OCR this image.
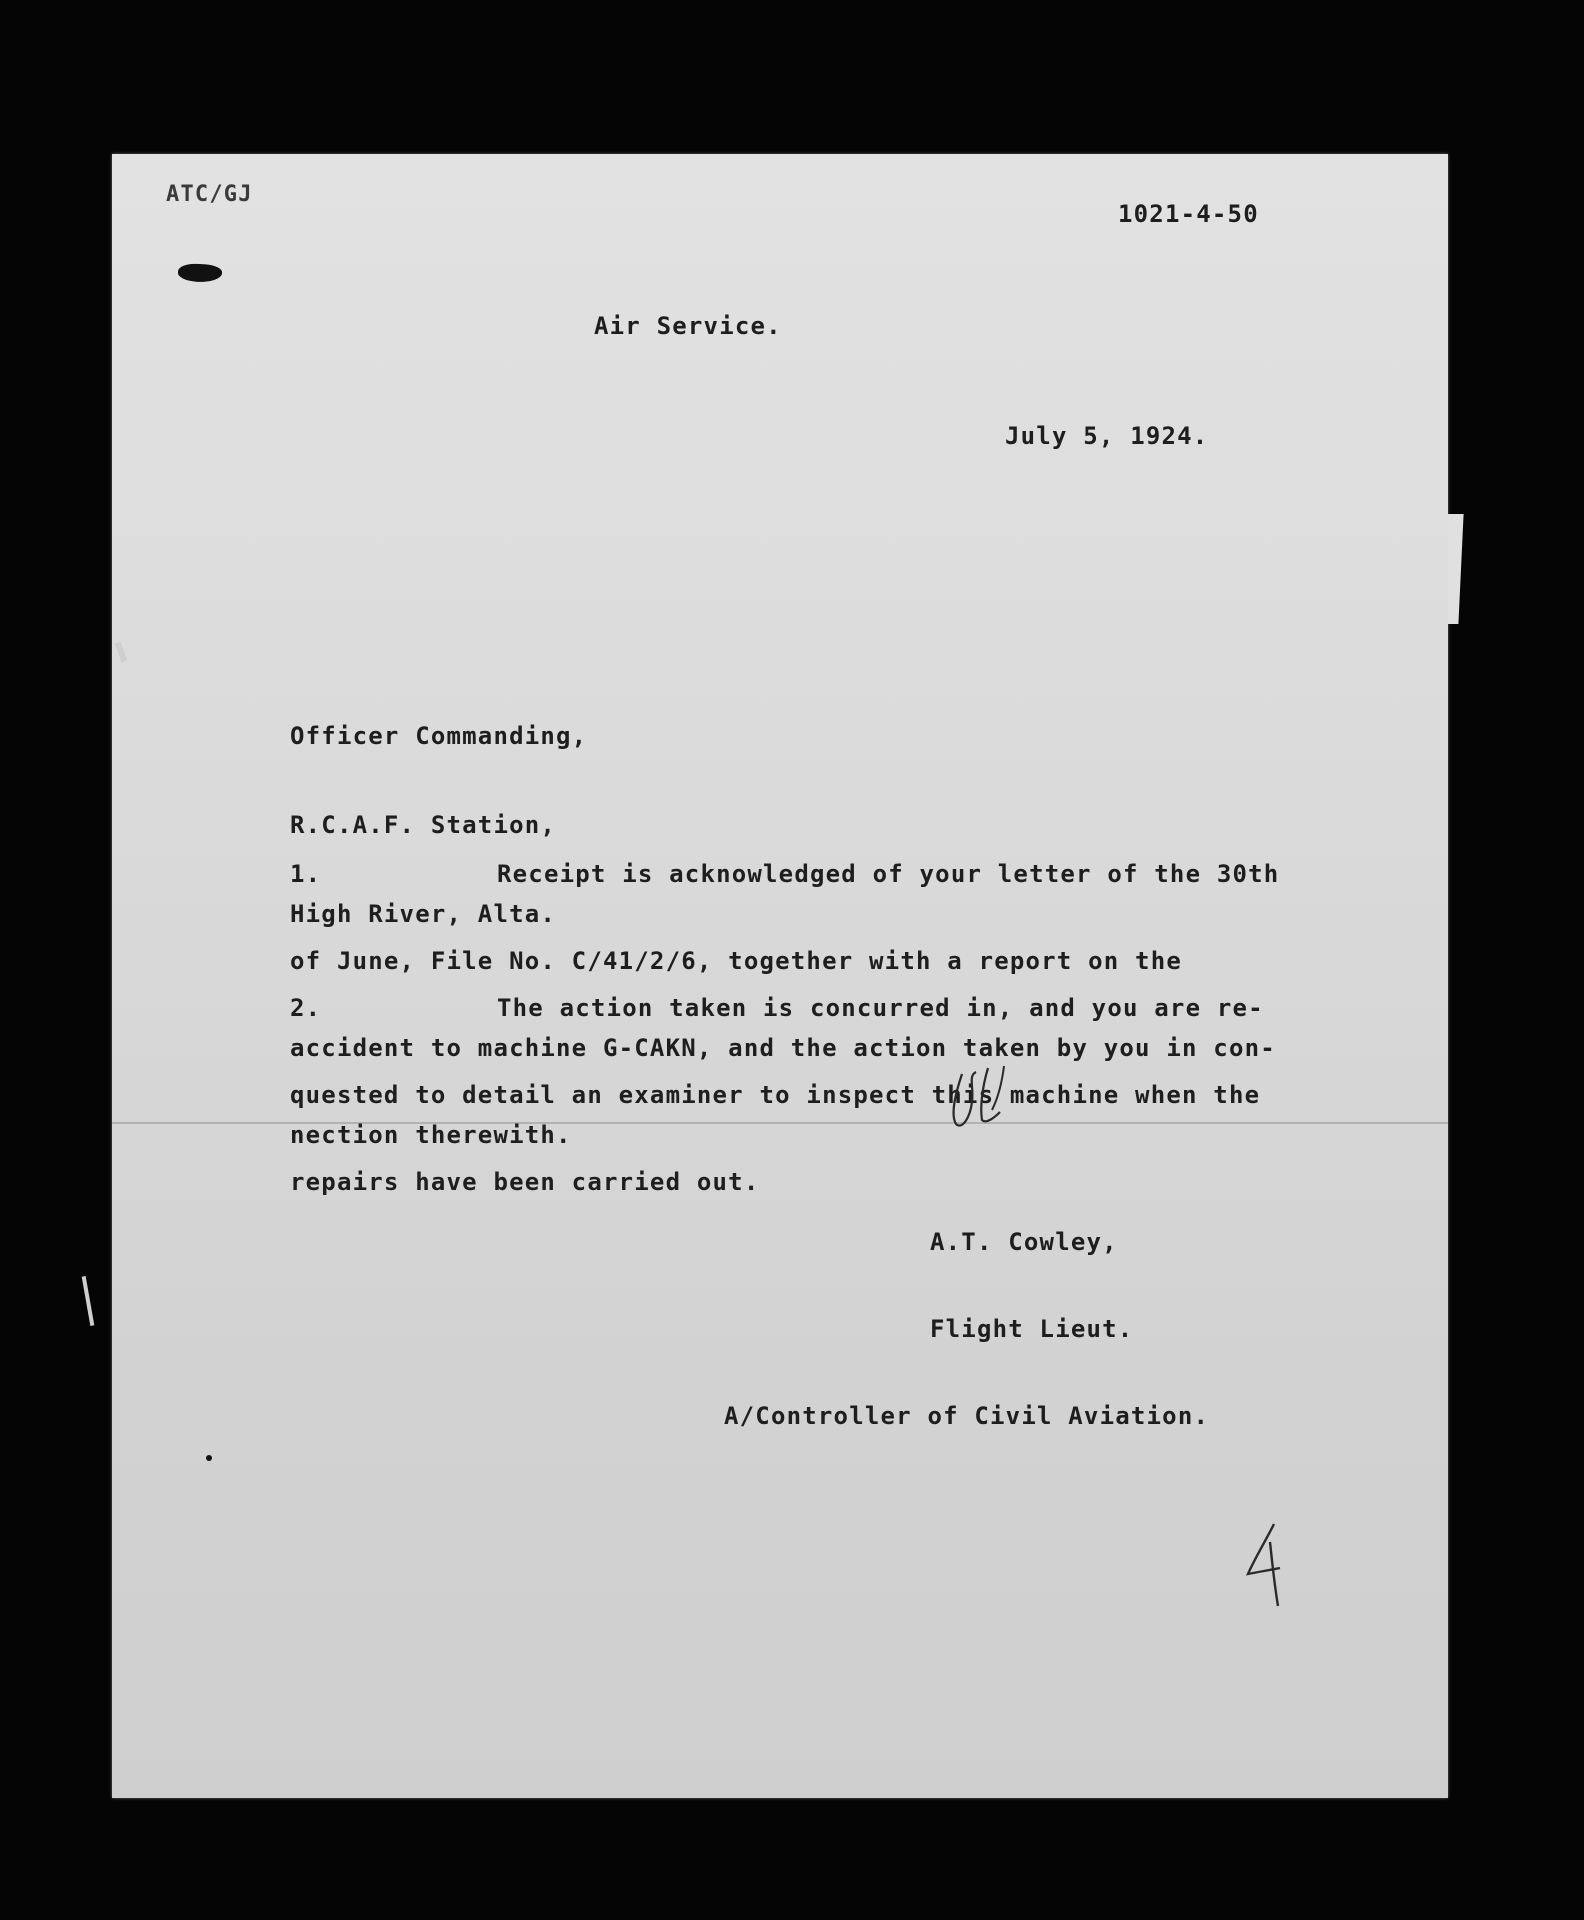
ATC/GJ
1021-4-50
Air Service.
July 5, 1924.

Officer Commanding,

R.C.A.F. Station,

High River, Alta.

1.	Receipt is acknowledged of your letter of the 30th

of June, File No. C/41/2/6, together with a report on the

accident to machine G-CAKN, and the action taken by you in con-

nection therewith.

2.	The action taken is concurred in, and you are re-

quested to detail an examiner to inspect this machine when the

repairs have been carried out.

A.T. Cowley,

Flight Lieut.

A/Controller of Civil Aviation.
